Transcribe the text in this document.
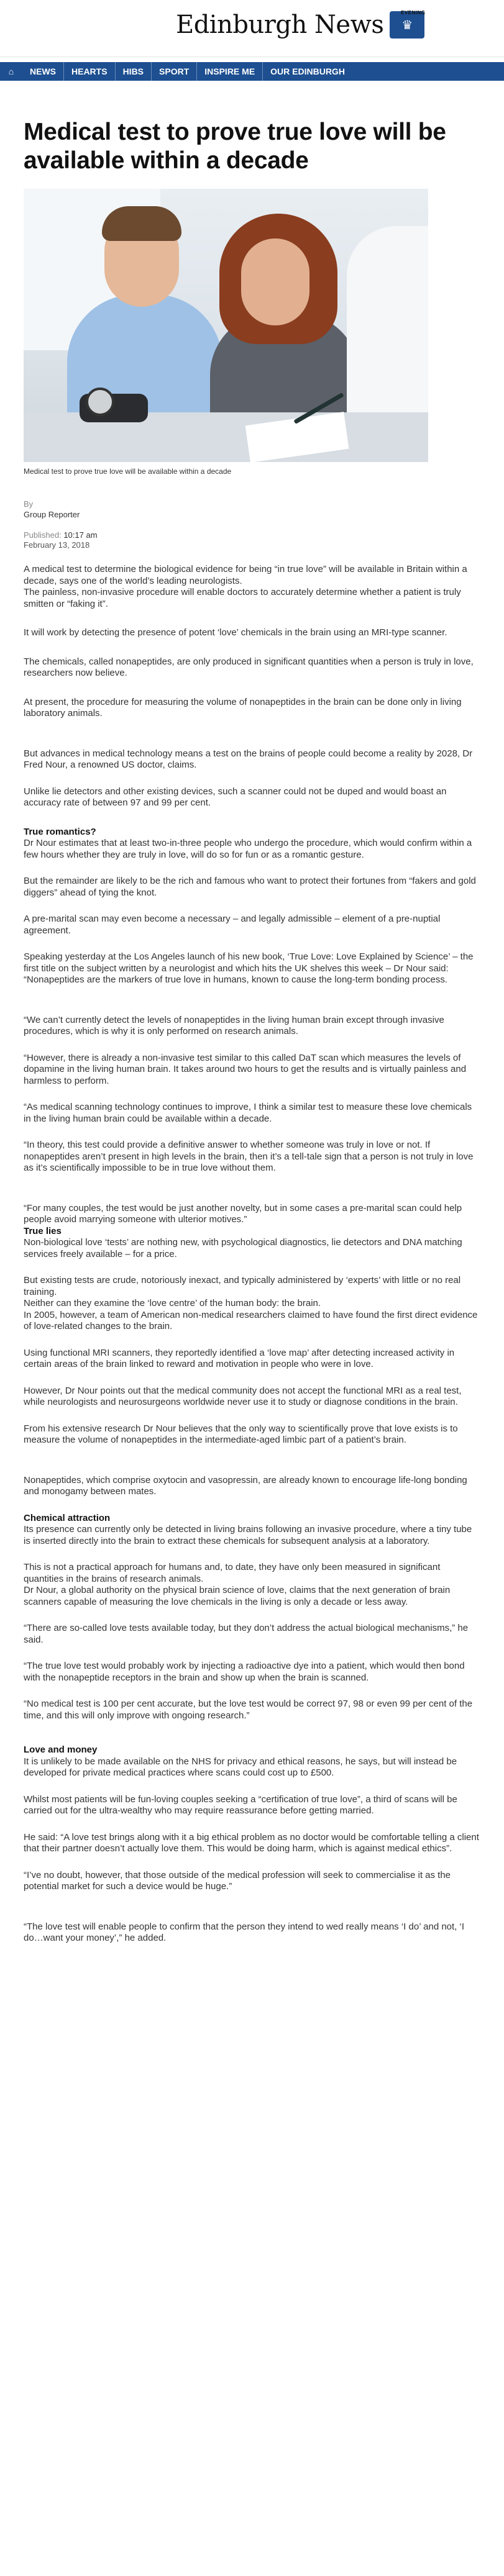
Edinburgh News	EVENING
♛
⌂	NEWS	HEARTS	HIBS	SPORT	INSPIRE ME	OUR EDINBURGH
Medical test to prove true love will be available within a decade
Medical test to prove true love will be available within a decade
By
Group Reporter
Published: 10:17 am
February 13, 2018

A medical test to determine the biological evidence for being “in true love” will be available in Britain within a decade, says one of the world’s leading neurologists.
The painless, non-invasive procedure will enable doctors to accurately determine whether a patient is truly smitten or “faking it”.

It will work by detecting the presence of potent ‘love’ chemicals in the brain using an MRI-type scanner.

The chemicals, called nonapeptides, are only produced in significant quantities when a person is truly in love, researchers now believe.

At present, the procedure for measuring the volume of nonapeptides in the brain can be done only in living laboratory animals.

But advances in medical technology means a test on the brains of people could become a reality by 2028, Dr Fred Nour, a renowned US doctor, claims.

Unlike lie detectors and other existing devices, such a scanner could not be duped and would boast an accuracy rate of between 97 and 99 per cent.

True romantics?

Dr Nour estimates that at least two-in-three people who undergo the procedure, which would confirm within a few hours whether they are truly in love, will do so for fun or as a romantic gesture.

But the remainder are likely to be the rich and famous who want to protect their fortunes from “fakers and gold diggers” ahead of tying the knot.

A pre-marital scan may even become a necessary – and legally admissible – element of a pre-nuptial agreement.

Speaking yesterday at the Los Angeles launch of his new book, ‘True Love: Love Explained by Science’ – the first title on the subject written by a neurologist and which hits the UK shelves this week – Dr Nour said: “Nonapeptides are the markers of true love in humans, known to cause the long-term bonding process.

“We can’t currently detect the levels of nonapeptides in the living human brain except through invasive procedures, which is why it is only performed on research animals.

“However, there is already a non-invasive test similar to this called DaT scan which measures the levels of dopamine in the living human brain. It takes around two hours to get the results and is virtually painless and harmless to perform.

“As medical scanning technology continues to improve, I think a similar test to measure these love chemicals in the living human brain could be available within a decade.

“In theory, this test could provide a definitive answer to whether someone was truly in love or not. If nonapeptides aren’t present in high levels in the brain, then it’s a tell-tale sign that a person is not truly in love as it’s scientifically impossible to be in true love without them.

“For many couples, the test would be just another novelty, but in some cases a pre-marital scan could help people avoid marrying someone with ulterior motives.”

True lies

Non-biological love ‘tests’ are nothing new, with psychological diagnostics, lie detectors and DNA matching services freely available – for a price.

But existing tests are crude, notoriously inexact, and typically administered by ‘experts’ with little or no real training.
Neither can they examine the ‘love centre’ of the human body: the brain.
In 2005, however, a team of American non-medical researchers claimed to have found the first direct evidence of love-related changes to the brain.

Using functional MRI scanners, they reportedly identified a ‘love map’ after detecting increased activity in certain areas of the brain linked to reward and motivation in people who were in love.

However, Dr Nour points out that the medical community does not accept the functional MRI as a real test, while neurologists and neurosurgeons worldwide never use it to study or diagnose conditions in the brain.

From his extensive research Dr Nour believes that the only way to scientifically prove that love exists is to measure the volume of nonapeptides in the intermediate-aged limbic part of a patient’s brain.

Nonapeptides, which comprise oxytocin and vasopressin, are already known to encourage life-long bonding and monogamy between mates.

Chemical attraction

Its presence can currently only be detected in living brains following an invasive procedure, where a tiny tube is inserted directly into the brain to extract these chemicals for subsequent analysis at a laboratory.

This is not a practical approach for humans and, to date, they have only been measured in significant quantities in the brains of research animals.
Dr Nour, a global authority on the physical brain science of love, claims that the next generation of brain scanners capable of measuring the love chemicals in the living is only a decade or less away.

“There are so-called love tests available today, but they don’t address the actual biological mechanisms,” he said.

“The true love test would probably work by injecting a radioactive dye into a patient, which would then bond with the nonapeptide receptors in the brain and show up when the brain is scanned.

“No medical test is 100 per cent accurate, but the love test would be correct 97, 98 or even 99 per cent of the time, and this will only improve with ongoing research.”

Love and money

It is unlikely to be made available on the NHS for privacy and ethical reasons, he says, but will instead be developed for private medical practices where scans could cost up to £500.

Whilst most patients will be fun-loving couples seeking a “certification of true love”, a third of scans will be carried out for the ultra-wealthy who may require reassurance before getting married.

He said: “A love test brings along with it a big ethical problem as no doctor would be comfortable telling a client that their partner doesn’t actually love them. This would be doing harm, which is against medical ethics”.

“I’ve no doubt, however, that those outside of the medical profession will seek to commercialise it as the potential market for such a device would be huge.”

“The love test will enable people to confirm that the person they intend to wed really means ‘I do’ and not, ‘I do…want your money’,” he added.
